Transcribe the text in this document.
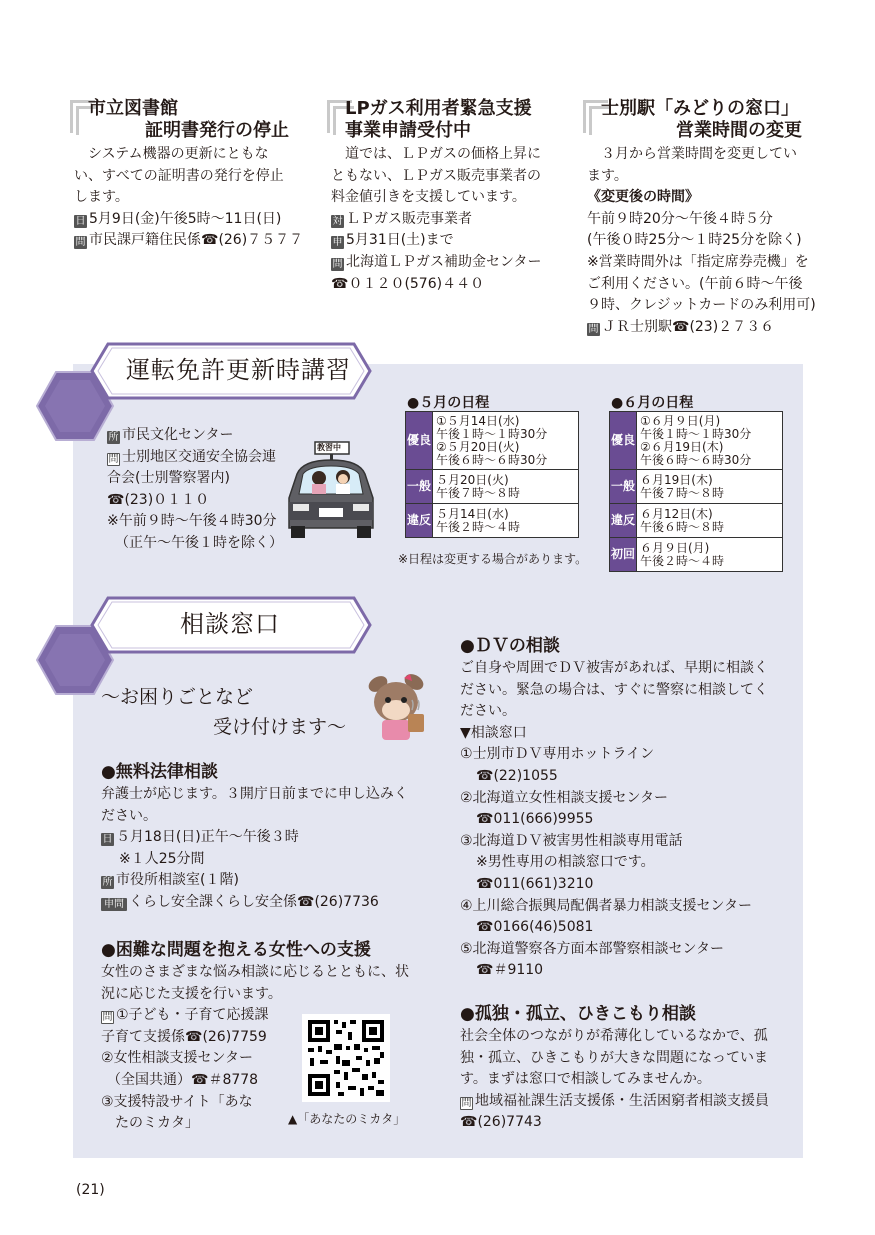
市立図書館
証明書発行の停止
　システム機器の更新にともな
い、すべての証明書の発行を停止
します。
日 5月9日(金)午後5時～11日(日)
問 市民課戸籍住民係☎(26)７５７７
LPガス利用者緊急支援
事業申請受付中
　道では、ＬＰガスの価格上昇に
ともない、ＬＰガス販売事業者の
料金値引きを支援しています。
対 ＬＰガス販売事業者
申 5月31日(土)まで
問 北海道ＬＰガス補助金センター
☎０１２０(576)４４０
士別駅「みどりの窓口」
営業時間の変更
　３月から営業時間を変更してい
ます。
《変更後の時間》
午前９時20分～午後４時５分
(午後０時25分～１時25分を除く)
※営業時間外は「指定席券売機」を
ご利用ください。(午前６時～午後
９時、クレジットカードのみ利用可)
問 ＪＲ士別駅☎(23)２７３６
運転免許更新時講習
所 市民文化センター
問 士別地区交通安全協会連
合会(士別警察署内)
☎(23)０１１０
※午前９時～午後４時30分
（正午～午後１時を除く）
教習中
●５月の日程
優良	①５月14日(水)
午後１時～１時30分
②５月20日(火)
午後６時～６時30分

一般	５月20日(火)
午後７時～８時

違反	５月14日(水)
午後２時～４時
※日程は変更する場合があります。
●６月の日程
優良	①６月９日(月)
午後１時～１時30分
②６月19日(木)
午後６時～６時30分

一般	６月19日(木)
午後７時～８時

違反	６月12日(木)
午後６時～８時

初回	６月９日(月)
午後２時～４時
相談窓口
～お困りごとなど
受け付けます～
●無料法律相談
弁護士が応じます。３開庁日前までに申し込みく
ださい。
日 ５月18日(日)正午～午後３時
※１人25分間
所 市役所相談室(１階)
申問 くらし安全課くらし安全係☎(26)7736
●困難な問題を抱える女性への支援
女性のさまざまな悩み相談に応じるとともに、状
況に応じた支援を行います。
問 ①子ども・子育て応援課
子育て支援係☎(26)7759
②女性相談支援センター
（全国共通）☎＃8778
③支援特設サイト「あな
たのミカタ」	▲「あなたのミカタ」
●ＤＶの相談
ご自身や周囲でＤＶ被害があれば、早期に相談く
ださい。緊急の場合は、すぐに警察に相談してく
ださい。
▼相談窓口
①士別市ＤＶ専用ホットライン
☎(22)1055
②北海道立女性相談支援センター
☎011(666)9955
③北海道ＤＶ被害男性相談専用電話
※男性専用の相談窓口です。
☎011(661)3210
④上川総合振興局配偶者暴力相談支援センター
☎0166(46)5081
⑤北海道警察各方面本部警察相談センター
☎＃9110
●孤独・孤立、ひきこもり相談
社会全体のつながりが希薄化しているなかで、孤
独・孤立、ひきこもりが大きな問題になっていま
す。まずは窓口で相談してみませんか。
問 地域福祉課生活支援係・生活困窮者相談支援員
☎(26)7743
(21)
